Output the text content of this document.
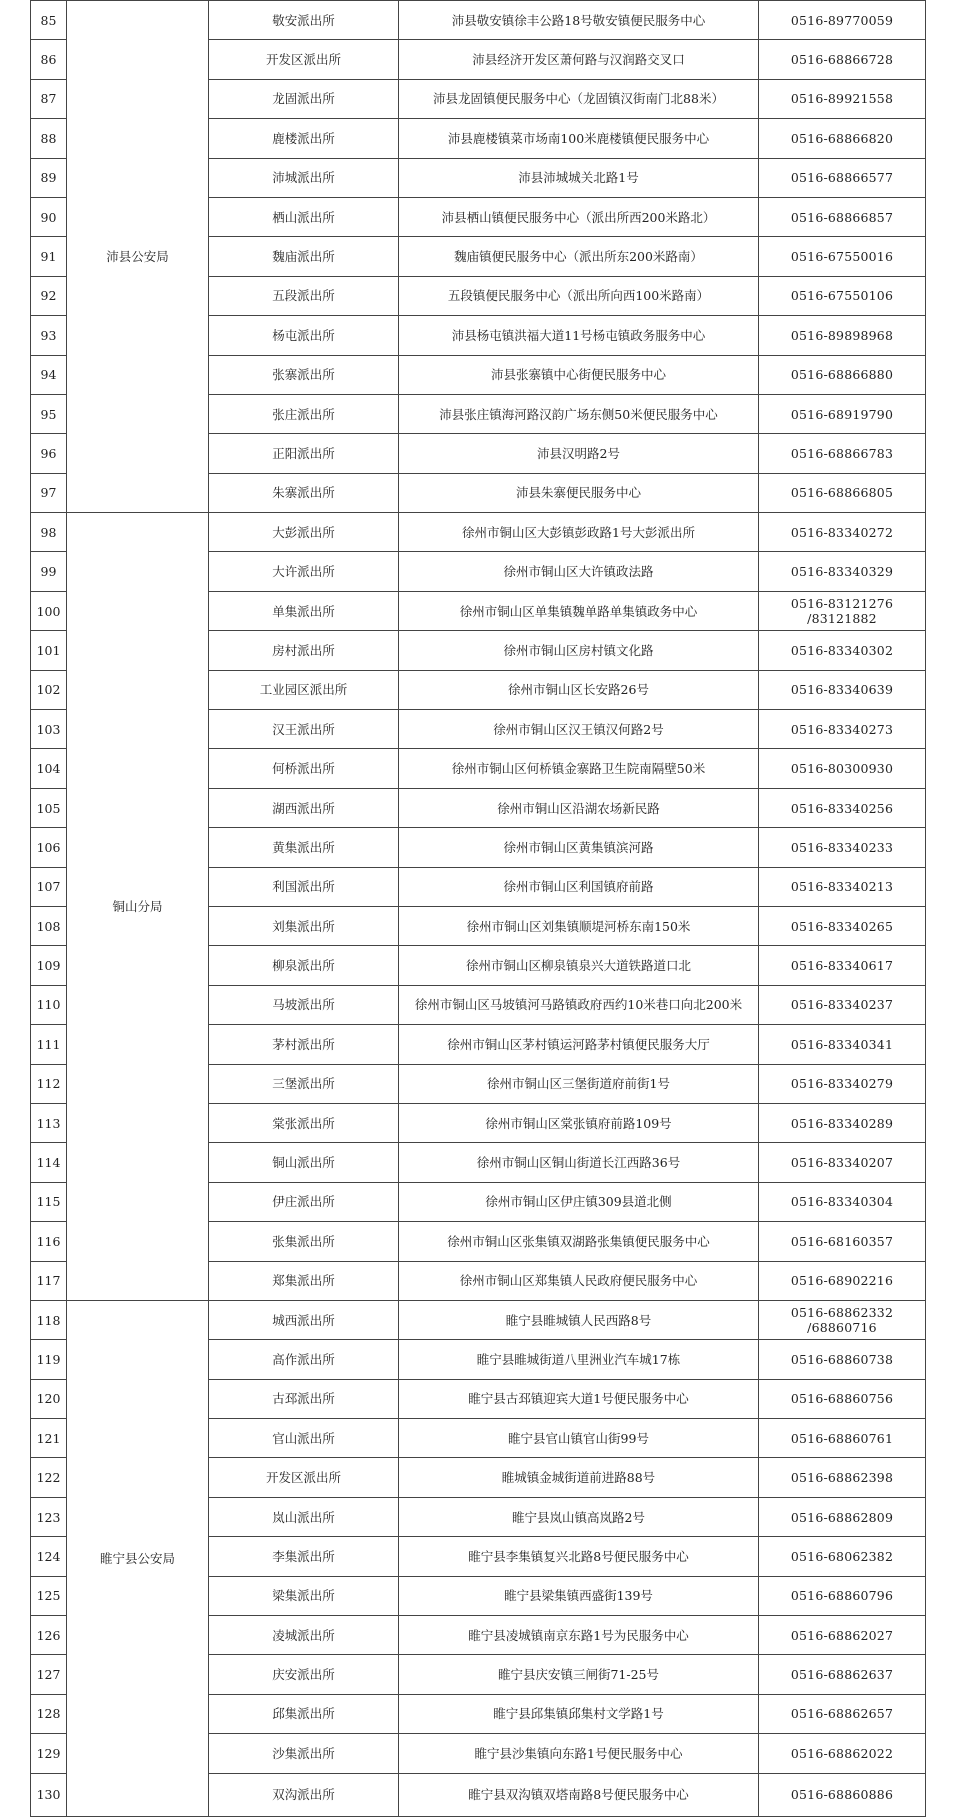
85	沛县公安局	敬安派出所	沛县敬安镇徐丰公路18号敬安镇便民服务中心	0516-89770059

86		开发区派出所	沛县经济开发区萧何路与汉润路交叉口	0516-68866728

87		龙固派出所	沛县龙固镇便民服务中心（龙固镇汉街南门北88米）	0516-89921558

88		鹿楼派出所	沛县鹿楼镇菜市场南100米鹿楼镇便民服务中心	0516-68866820

89		沛城派出所	沛县沛城城关北路1号	0516-68866577

90		栖山派出所	沛县栖山镇便民服务中心（派出所西200米路北）	0516-68866857

91		魏庙派出所	魏庙镇便民服务中心（派出所东200米路南）	0516-67550016

92		五段派出所	五段镇便民服务中心（派出所向西100米路南）	0516-67550106

93		杨屯派出所	沛县杨屯镇洪福大道11号杨屯镇政务服务中心	0516-89898968

94		张寨派出所	沛县张寨镇中心街便民服务中心	0516-68866880

95		张庄派出所	沛县张庄镇海河路汉韵广场东侧50米便民服务中心	0516-68919790

96		正阳派出所	沛县汉明路2号	0516-68866783

97		朱寨派出所	沛县朱寨便民服务中心	0516-68866805

98	铜山分局	大彭派出所	徐州市铜山区大彭镇彭政路1号大彭派出所	0516-83340272

99		大许派出所	徐州市铜山区大许镇政法路	0516-83340329

100		单集派出所	徐州市铜山区单集镇魏单路单集镇政务中心	0516-83121276
/83121882

101		房村派出所	徐州市铜山区房村镇文化路	0516-83340302

102		工业园区派出所	徐州市铜山区长安路26号	0516-83340639

103		汉王派出所	徐州市铜山区汉王镇汉何路2号	0516-83340273

104		何桥派出所	徐州市铜山区何桥镇金寨路卫生院南隔壁50米	0516-80300930

105		湖西派出所	徐州市铜山区沿湖农场新民路	0516-83340256

106		黄集派出所	徐州市铜山区黄集镇滨河路	0516-83340233

107		利国派出所	徐州市铜山区利国镇府前路	0516-83340213

108		刘集派出所	徐州市铜山区刘集镇顺堤河桥东南150米	0516-83340265

109		柳泉派出所	徐州市铜山区柳泉镇泉兴大道铁路道口北	0516-83340617

110		马坡派出所	徐州市铜山区马坡镇河马路镇政府西约10米巷口向北200米	0516-83340237

111		茅村派出所	徐州市铜山区茅村镇运河路茅村镇便民服务大厅	0516-83340341

112		三堡派出所	徐州市铜山区三堡街道府前街1号	0516-83340279

113		棠张派出所	徐州市铜山区棠张镇府前路109号	0516-83340289

114		铜山派出所	徐州市铜山区铜山街道长江西路36号	0516-83340207

115		伊庄派出所	徐州市铜山区伊庄镇309县道北侧	0516-83340304

116		张集派出所	徐州市铜山区张集镇双湖路张集镇便民服务中心	0516-68160357

117		郑集派出所	徐州市铜山区郑集镇人民政府便民服务中心	0516-68902216

118	睢宁县公安局	城西派出所	睢宁县睢城镇人民西路8号	0516-68862332
/68860716

119		高作派出所	睢宁县睢城街道八里洲业汽车城17栋	0516-68860738

120		古邳派出所	睢宁县古邳镇迎宾大道1号便民服务中心	0516-68860756

121		官山派出所	睢宁县官山镇官山街99号	0516-68860761

122		开发区派出所	睢城镇金城街道前进路88号	0516-68862398

123		岚山派出所	睢宁县岚山镇高岚路2号	0516-68862809

124		李集派出所	睢宁县李集镇复兴北路8号便民服务中心	0516-68062382

125		梁集派出所	睢宁县梁集镇西盛街139号	0516-68860796

126		凌城派出所	睢宁县凌城镇南京东路1号为民服务中心	0516-68862027

127		庆安派出所	睢宁县庆安镇三闸街71-25号	0516-68862637

128		邱集派出所	睢宁县邱集镇邱集村文学路1号	0516-68862657

129		沙集派出所	睢宁县沙集镇向东路1号便民服务中心	0516-68862022

130		双沟派出所	睢宁县双沟镇双塔南路8号便民服务中心	0516-68860886
